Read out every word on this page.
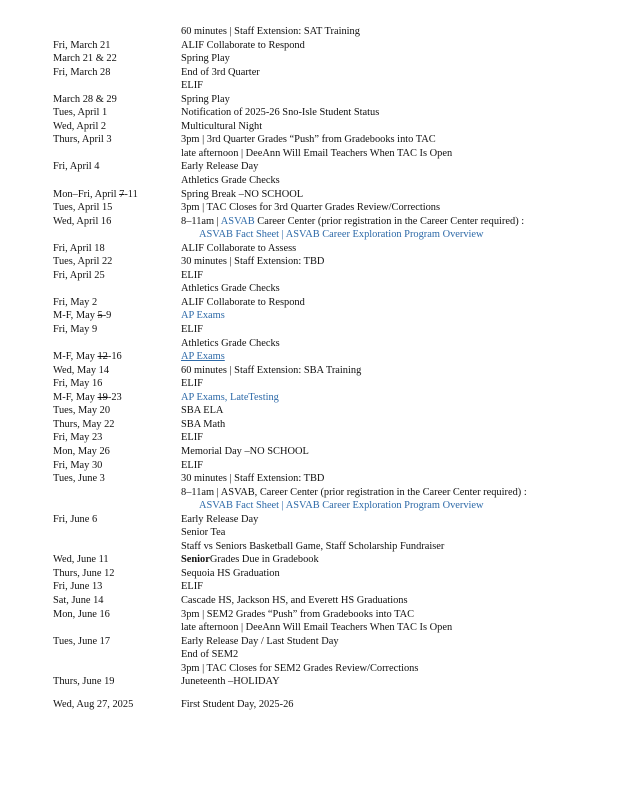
60 minutes | Staff Extension: SAT Training
Fri, March 21	ALIF Collaborate to Respond
March 21 & 22	Spring Play
Fri, March 28	End of 3rd Quarter
ELIF
March 28 & 29	Spring Play
Tues, April 1	Notification of 2025-26 Sno-Isle Student Status
Wed, April 2	Multicultural Night
Thurs, April 3	3pm | 3rd Quarter Grades “Push” from Gradebooks into TAC
late afternoon | DeeAnn Will Email Teachers When TAC Is Open
Fri, April 4	Early Release Day
Athletics Grade Checks
Mon–Fri, April 7-11	Spring Break –NO SCHOOL
Tues, April 15	3pm | TAC Closes for 3rd Quarter Grades Review/Corrections
Wed, April 16	8–11am | ASVAB Career Center (prior registration in the Career Center required) :
ASVAB Fact Sheet | ASVAB Career Exploration Program Overview
Fri, April 18	ALIF Collaborate to Assess
Tues, April 22	30 minutes | Staff Extension: TBD
Fri, April 25	ELIF
Athletics Grade Checks
Fri, May 2	ALIF Collaborate to Respond
M-F, May 5-9	AP Exams
Fri, May 9	ELIF
Athletics Grade Checks
M-F, May 12-16	AP Exams
Wed, May 14	60 minutes | Staff Extension: SBA Training
Fri, May 16	ELIF
M-F, May 19-23	AP Exams, LateTesting
Tues, May 20	SBA ELA
Thurs, May 22	SBA Math
Fri, May 23	ELIF
Mon, May 26	Memorial Day –NO SCHOOL
Fri, May 30	ELIF
Tues, June 3	30 minutes | Staff Extension: TBD
8–11am | ASVAB, Career Center (prior registration in the Career Center required) :
ASVAB Fact Sheet | ASVAB Career Exploration Program Overview
Fri, June 6	Early Release Day
Senior Tea
Staff vs Seniors Basketball Game, Staff Scholarship Fundraiser
Wed, June 11	SeniorGrades Due in Gradebook
Thurs, June 12	Sequoia HS Graduation
Fri, June 13	ELIF
Sat, June 14	Cascade HS, Jackson HS, and Everett HS Graduations
Mon, June 16	3pm | SEM2 Grades “Push” from Gradebooks into TAC
late afternoon | DeeAnn Will Email Teachers When TAC Is Open
Tues, June 17	Early Release Day / Last Student Day
End of SEM2
3pm | TAC Closes for SEM2 Grades Review/Corrections
Thurs, June 19	Juneteenth –HOLIDAY
Wed, Aug 27, 2025	First Student Day, 2025-26
